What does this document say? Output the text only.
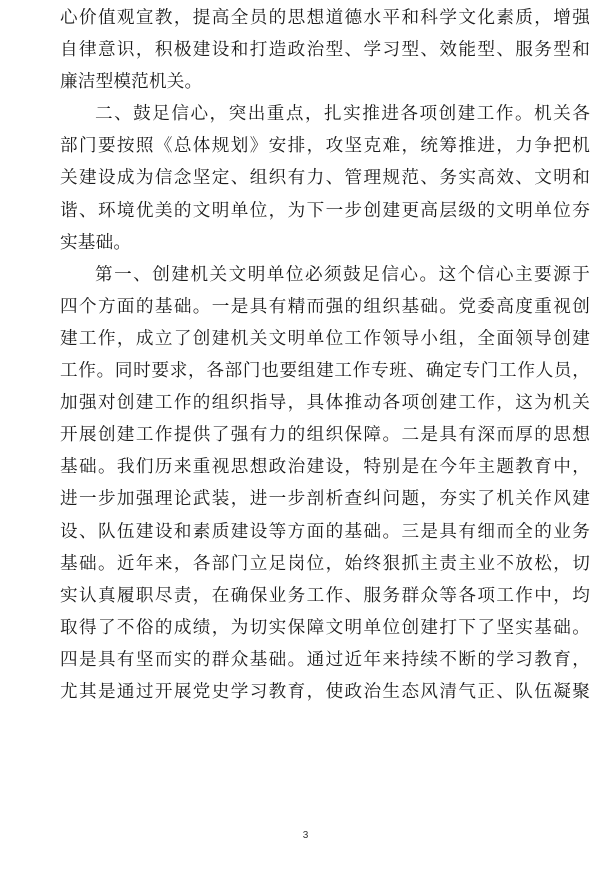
心价值观宣教，提高全员的思想道德水平和科学文化素质，增强
自律意识，积极建设和打造政治型、学习型、效能型、服务型和
廉洁型模范机关。
二、鼓足信心，突出重点，扎实推进各项创建工作。机关各
部门要按照《总体规划》安排，攻坚克难，统筹推进，力争把机
关建设成为信念坚定、组织有力、管理规范、务实高效、文明和
谐、环境优美的文明单位，为下一步创建更高层级的文明单位夯
实基础。
第一、创建机关文明单位必须鼓足信心。这个信心主要源于
四个方面的基础。一是具有精而强的组织基础。党委高度重视创
建工作，成立了创建机关文明单位工作领导小组，全面领导创建
工作。同时要求，各部门也要组建工作专班、确定专门工作人员，
加强对创建工作的组织指导，具体推动各项创建工作，这为机关
开展创建工作提供了强有力的组织保障。二是具有深而厚的思想
基础。我们历来重视思想政治建设，特别是在今年主题教育中，
进一步加强理论武装，进一步剖析查纠问题，夯实了机关作风建
设、队伍建设和素质建设等方面的基础。三是具有细而全的业务
基础。近年来，各部门立足岗位，始终狠抓主责主业不放松，切
实认真履职尽责，在确保业务工作、服务群众等各项工作中，均
取得了不俗的成绩，为切实保障文明单位创建打下了坚实基础。
四是具有坚而实的群众基础。通过近年来持续不断的学习教育，
尤其是通过开展党史学习教育，使政治生态风清气正、队伍凝聚
3
